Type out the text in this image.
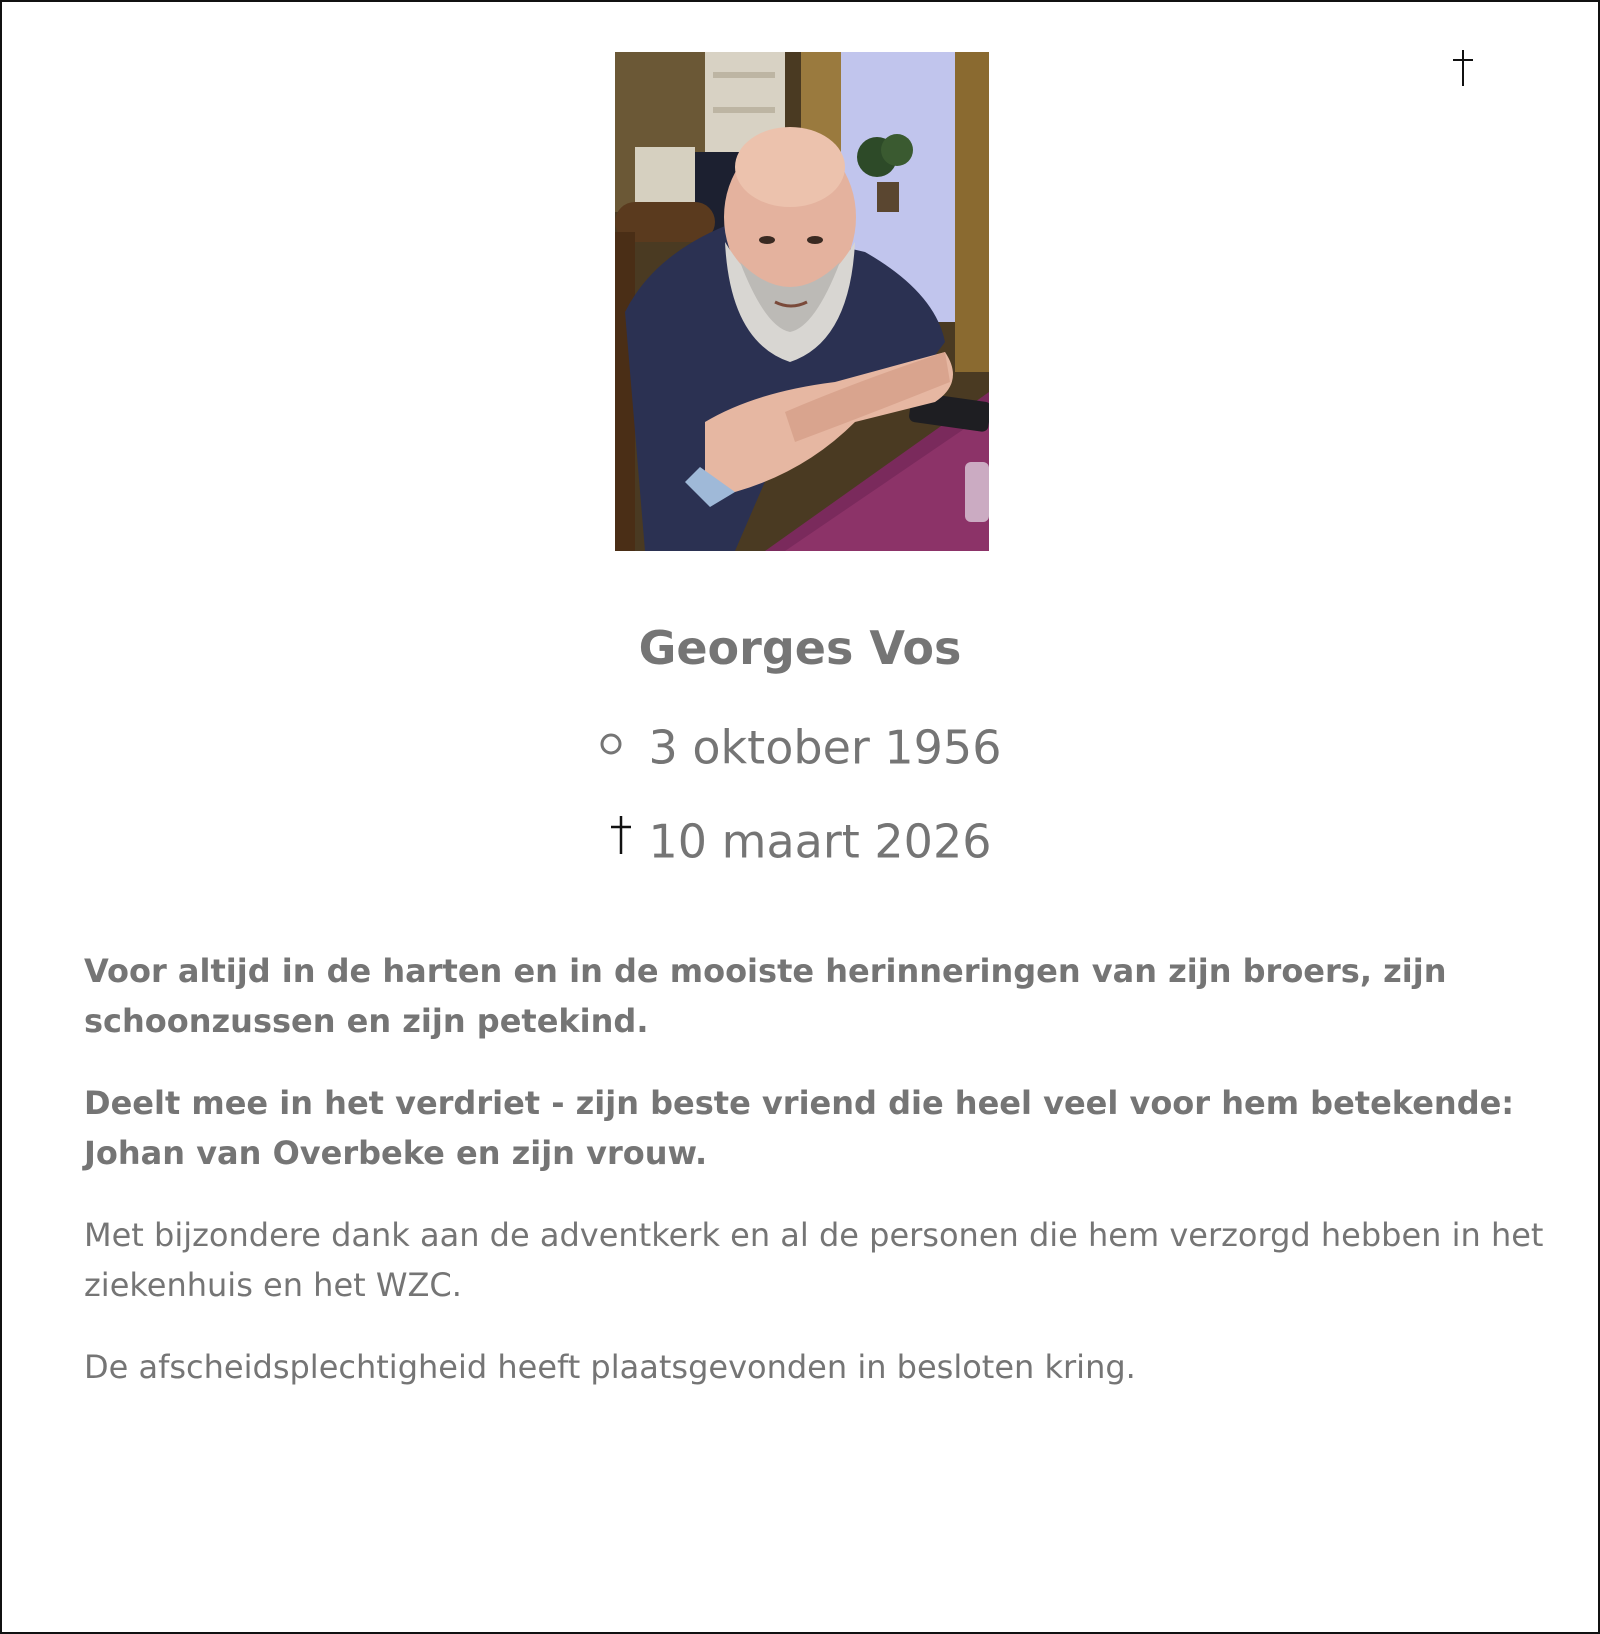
Georges Vos
3 oktober 1956
10 maart 2026

Voor altijd in de harten en in de mooiste herinneringen van zijn broers, zijn schoonzussen en zijn petekind.

Deelt mee in het verdriet - zijn beste vriend die heel veel voor hem betekende: Johan van Overbeke en zijn vrouw.

Met bijzondere dank aan de adventkerk en al de personen die hem verzorgd hebben in het ziekenhuis en het WZC.

De afscheidsplechtigheid heeft plaatsgevonden in besloten kring.
